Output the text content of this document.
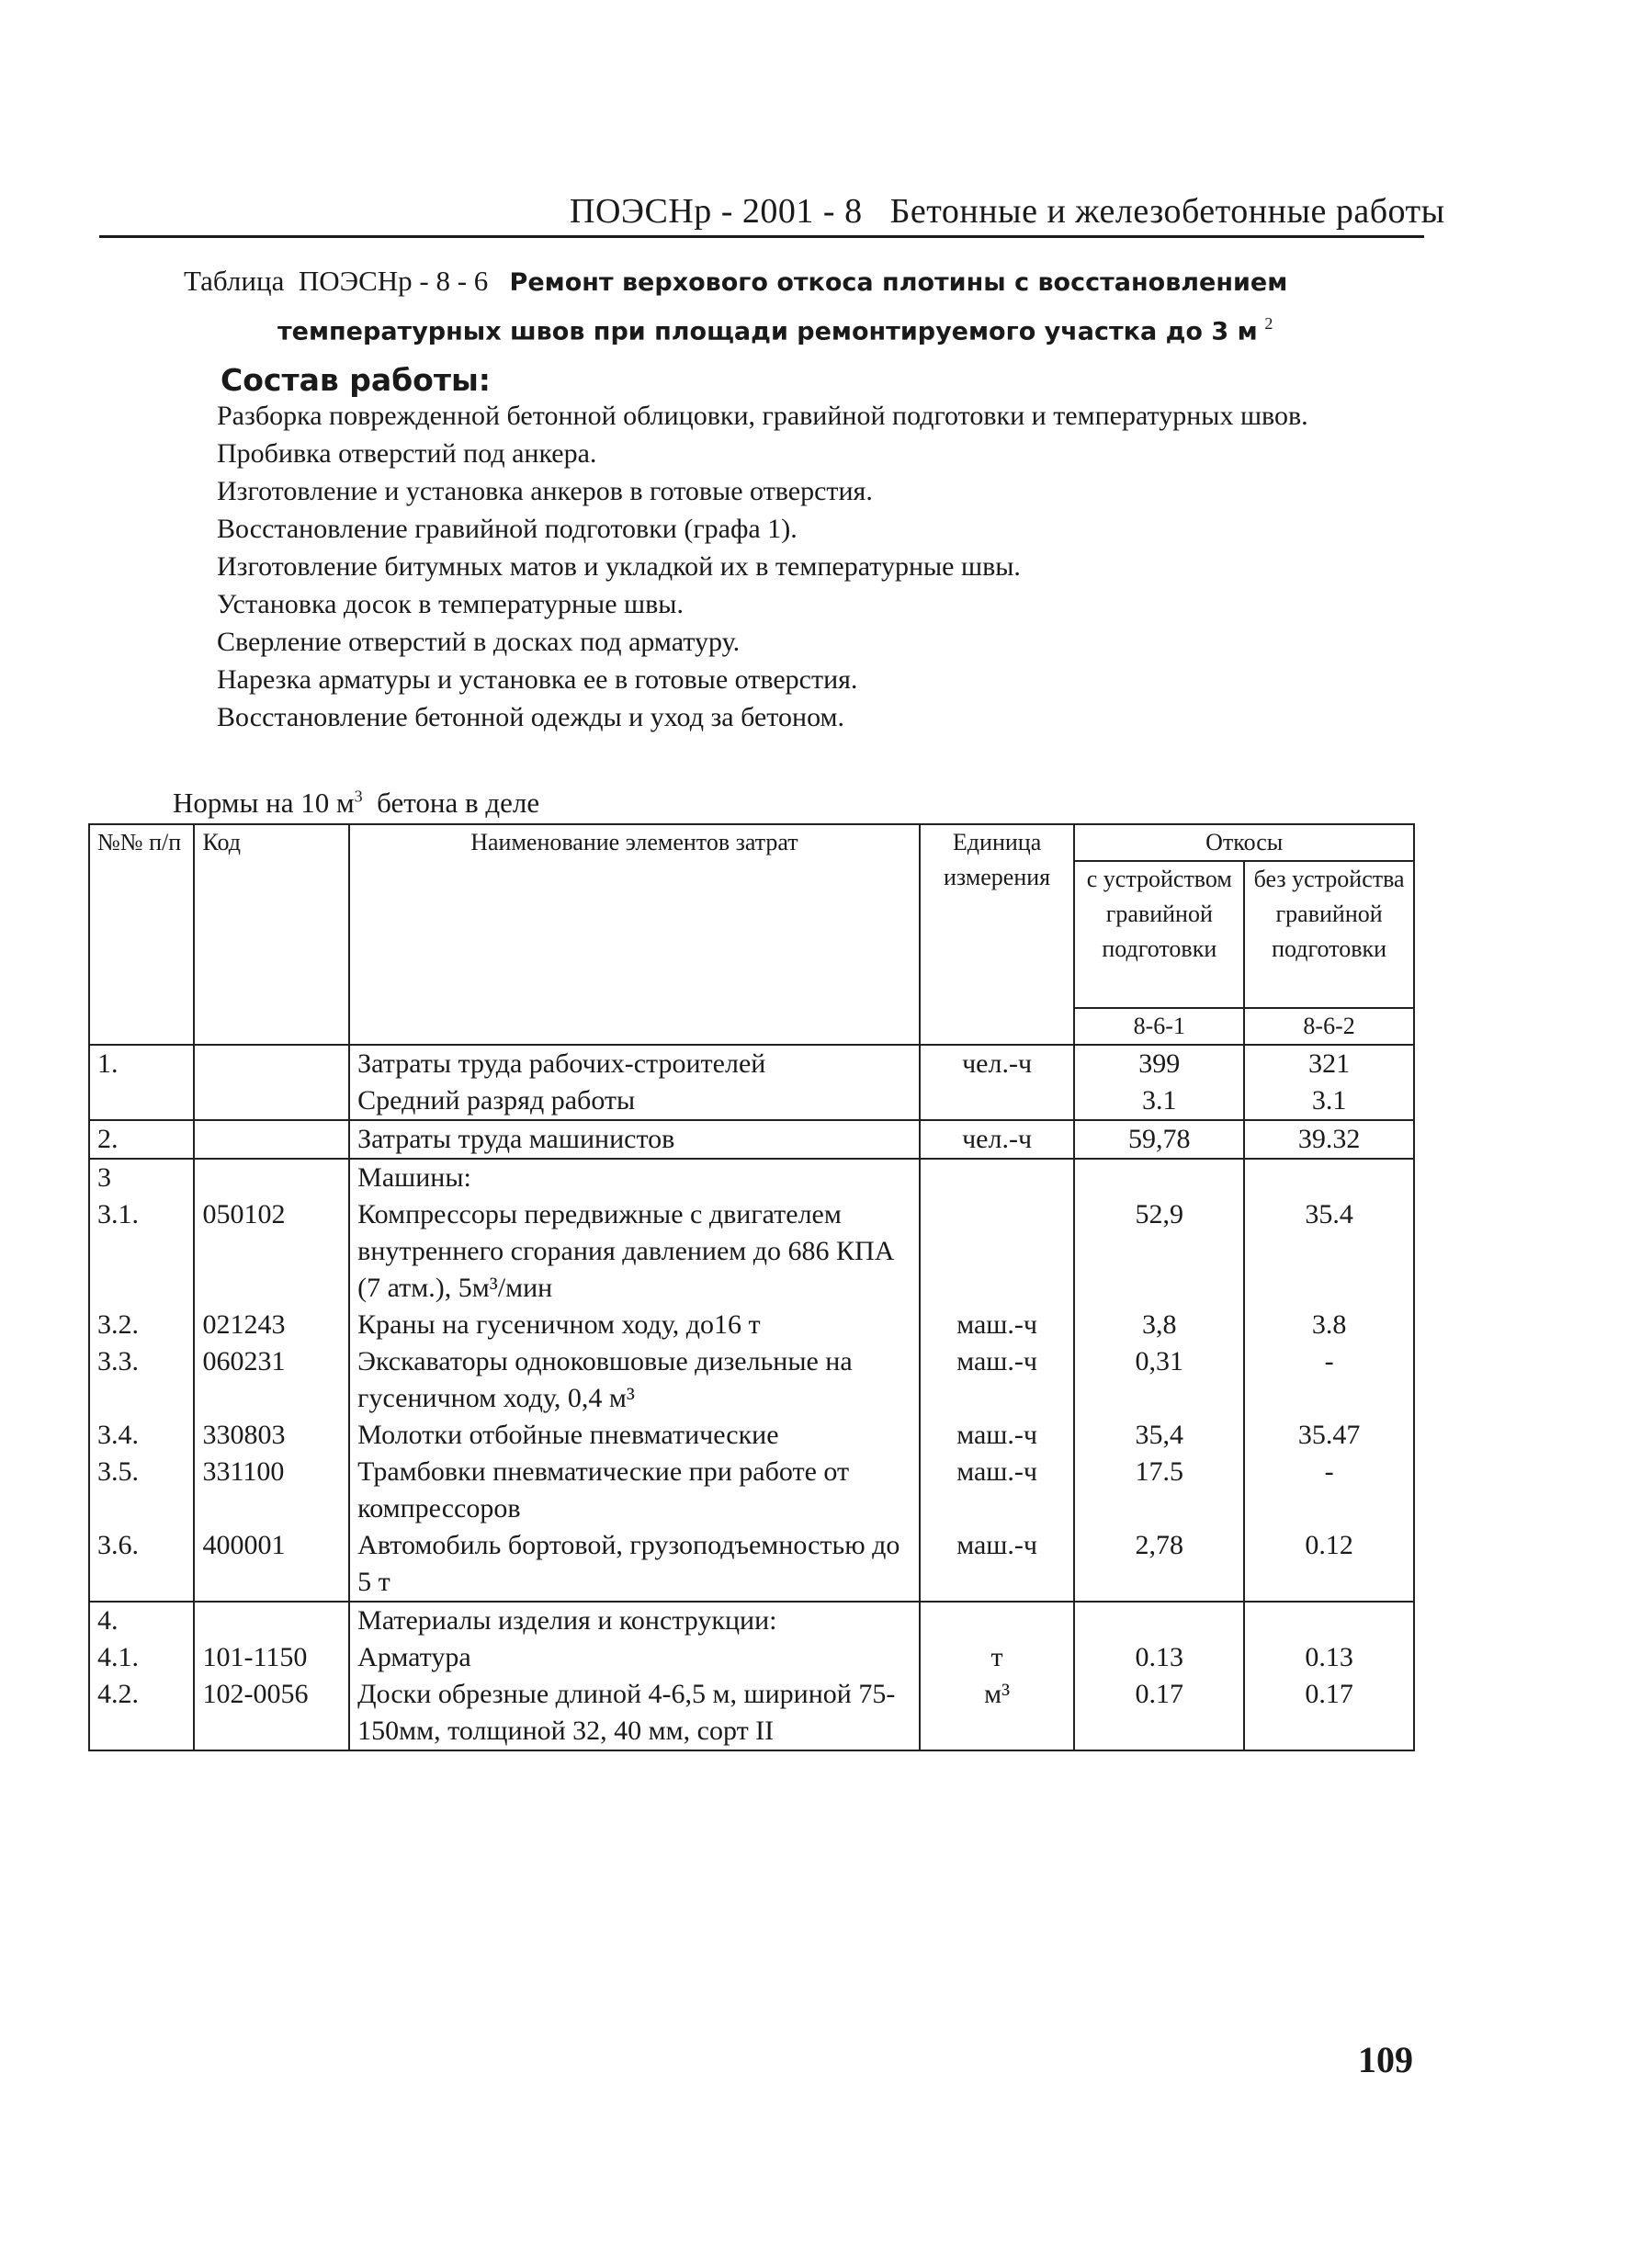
ПОЭСНр - 2001 - 8 Бетонные и железобетонные работы
Таблица ПОЭСНр - 8 - 6 Ремонт верхового откоса плотины с восстановлением
температурных швов при площади ремонтируемого участка до 3 м $^2$
Состав работы:
Разборка поврежденной бетонной облицовки, гравийной подготовки и температурных швов.
Пробивка отверстий под анкера.
Изготовление и установка анкеров в готовые отверстия.
Восстановление гравийной подготовки (графа 1).
Изготовление битумных матов и укладкой их в температурные швы.
Установка досок в температурные швы.
Сверление отверстий в досках под арматуру.
Нарезка арматуры и установка ее в готовые отверстия.
Восстановление бетонной одежды и уход за бетоном.
Нормы на 10 $м^3$ бетона в деле
№№ п/п	Код	Наименование элементов затрат	Единица измерения	Откосы	
				с устройством гравийной подготовки	без устройства гравийной подготовки
				8-6-1	8-6-2
1.		Затраты труда рабочих-строителей	чел.-ч	399	321
		Средний разряд работы		3.1	3.1
2.		Затраты труда машинистов	чел.-ч	59,78	39.32
3		Машины:			
3.1.	050102	Компрессоры передвижные с двигателем внутреннего сгорания давлением до 686 КПА (7 атм.), 5м³/мин		52,9	35.4
3.2.	021243	Краны на гусеничном ходу, до16 т	маш.-ч	3,8	3.8
3.3.	060231	Экскаваторы одноковшовые дизельные на гусеничном ходу, 0,4 м³	маш.-ч	0,31	-
3.4.	330803	Молотки отбойные пневматические	маш.-ч	35,4	35.47
3.5.	331100	Трамбовки пневматические при работе от компрессоров	маш.-ч	17.5	-
3.6.	400001	Автомобиль бортовой, грузоподъемностью до 5 т	маш.-ч	2,78	0.12
4.		Материалы изделия и конструкции:			
4.1.	101-1150	Арматура	т	0.13	0.13
4.2.	102-0056	Доски обрезные длиной 4-6,5 м, шириной 75-150мм, толщиной 32, 40 мм, сорт II	м³	0.17	0.17
109
